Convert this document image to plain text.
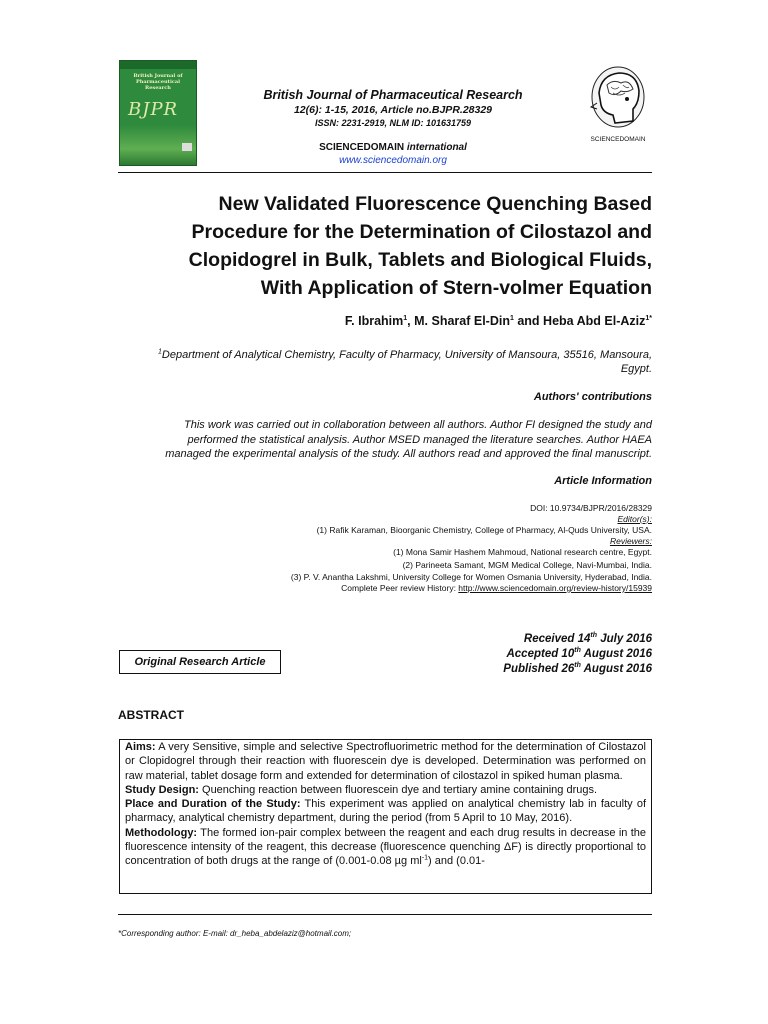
British Journal of Pharmaceutical Research
BJPR
British Journal of Pharmaceutical Research
12(6): 1-15, 2016, Article no.BJPR.28329
ISSN: 2231-2919, NLM ID: 101631759
SCIENCEDOMAIN international
www.sciencedomain.org
SCIENCEDOMAIN
New Validated Fluorescence Quenching Based
Procedure for the Determination of Cilostazol and
Clopidogrel in Bulk, Tablets and Biological Fluids,
With Application of Stern-volmer Equation
F. Ibrahim$^1$, M. Sharaf El-Din$^1$ and Heba Abd El-Aziz$^{1*}$
$^1$Department of Analytical Chemistry, Faculty of Pharmacy, University of Mansoura, 35516, Mansoura,
Egypt.
Authors' contributions
This work was carried out in collaboration between all authors. Author FI designed the study and
performed the statistical analysis. Author MSED managed the literature searches. Author HAEA
managed the experimental analysis of the study. All authors read and approved the final manuscript.
Article Information
DOI: 10.9734/BJPR/2016/28329
Editor(s):
(1) Rafik Karaman, Bioorganic Chemistry, College of Pharmacy, Al-Quds University, USA.
Reviewers:
(1) Mona Samir Hashem Mahmoud, National research centre, Egypt.
(2) Parineeta Samant, MGM Medical College, Navi-Mumbai, India.
(3) P. V. Anantha Lakshmi, University College for Women Osmania University, Hyderabad, India.
Complete Peer review History: http://www.sciencedomain.org/review-history/15939
Received 14th July 2016
Accepted 10th August 2016
Published 26th August 2016
Original Research Article
ABSTRACT

Aims: A very Sensitive, simple and selective Spectrofluorimetric method for the determination of Cilostazol or Clopidogrel through their reaction with fluorescein dye is developed. Determination was performed on raw material, tablet dosage form and extended for determination of cilostazol in spiked human plasma.

Study Design: Quenching reaction between fluorescein dye and tertiary amine containing drugs.

Place and Duration of the Study: This experiment was applied on analytical chemistry lab in faculty of pharmacy, analytical chemistry department, during the period (from 5 April to 10 May, 2016).

Methodology: The formed ion-pair complex between the reagent and each drug results in decrease in the fluorescence intensity of the reagent, this decrease (fluorescence quenching ΔF) is directly proportional to concentration of both drugs at the range of (0.001-0.08 µg $ml^{-1}$) and (0.01-

*Corresponding author: E-mail: dr_heba_abdelaziz@hotmail.com;
